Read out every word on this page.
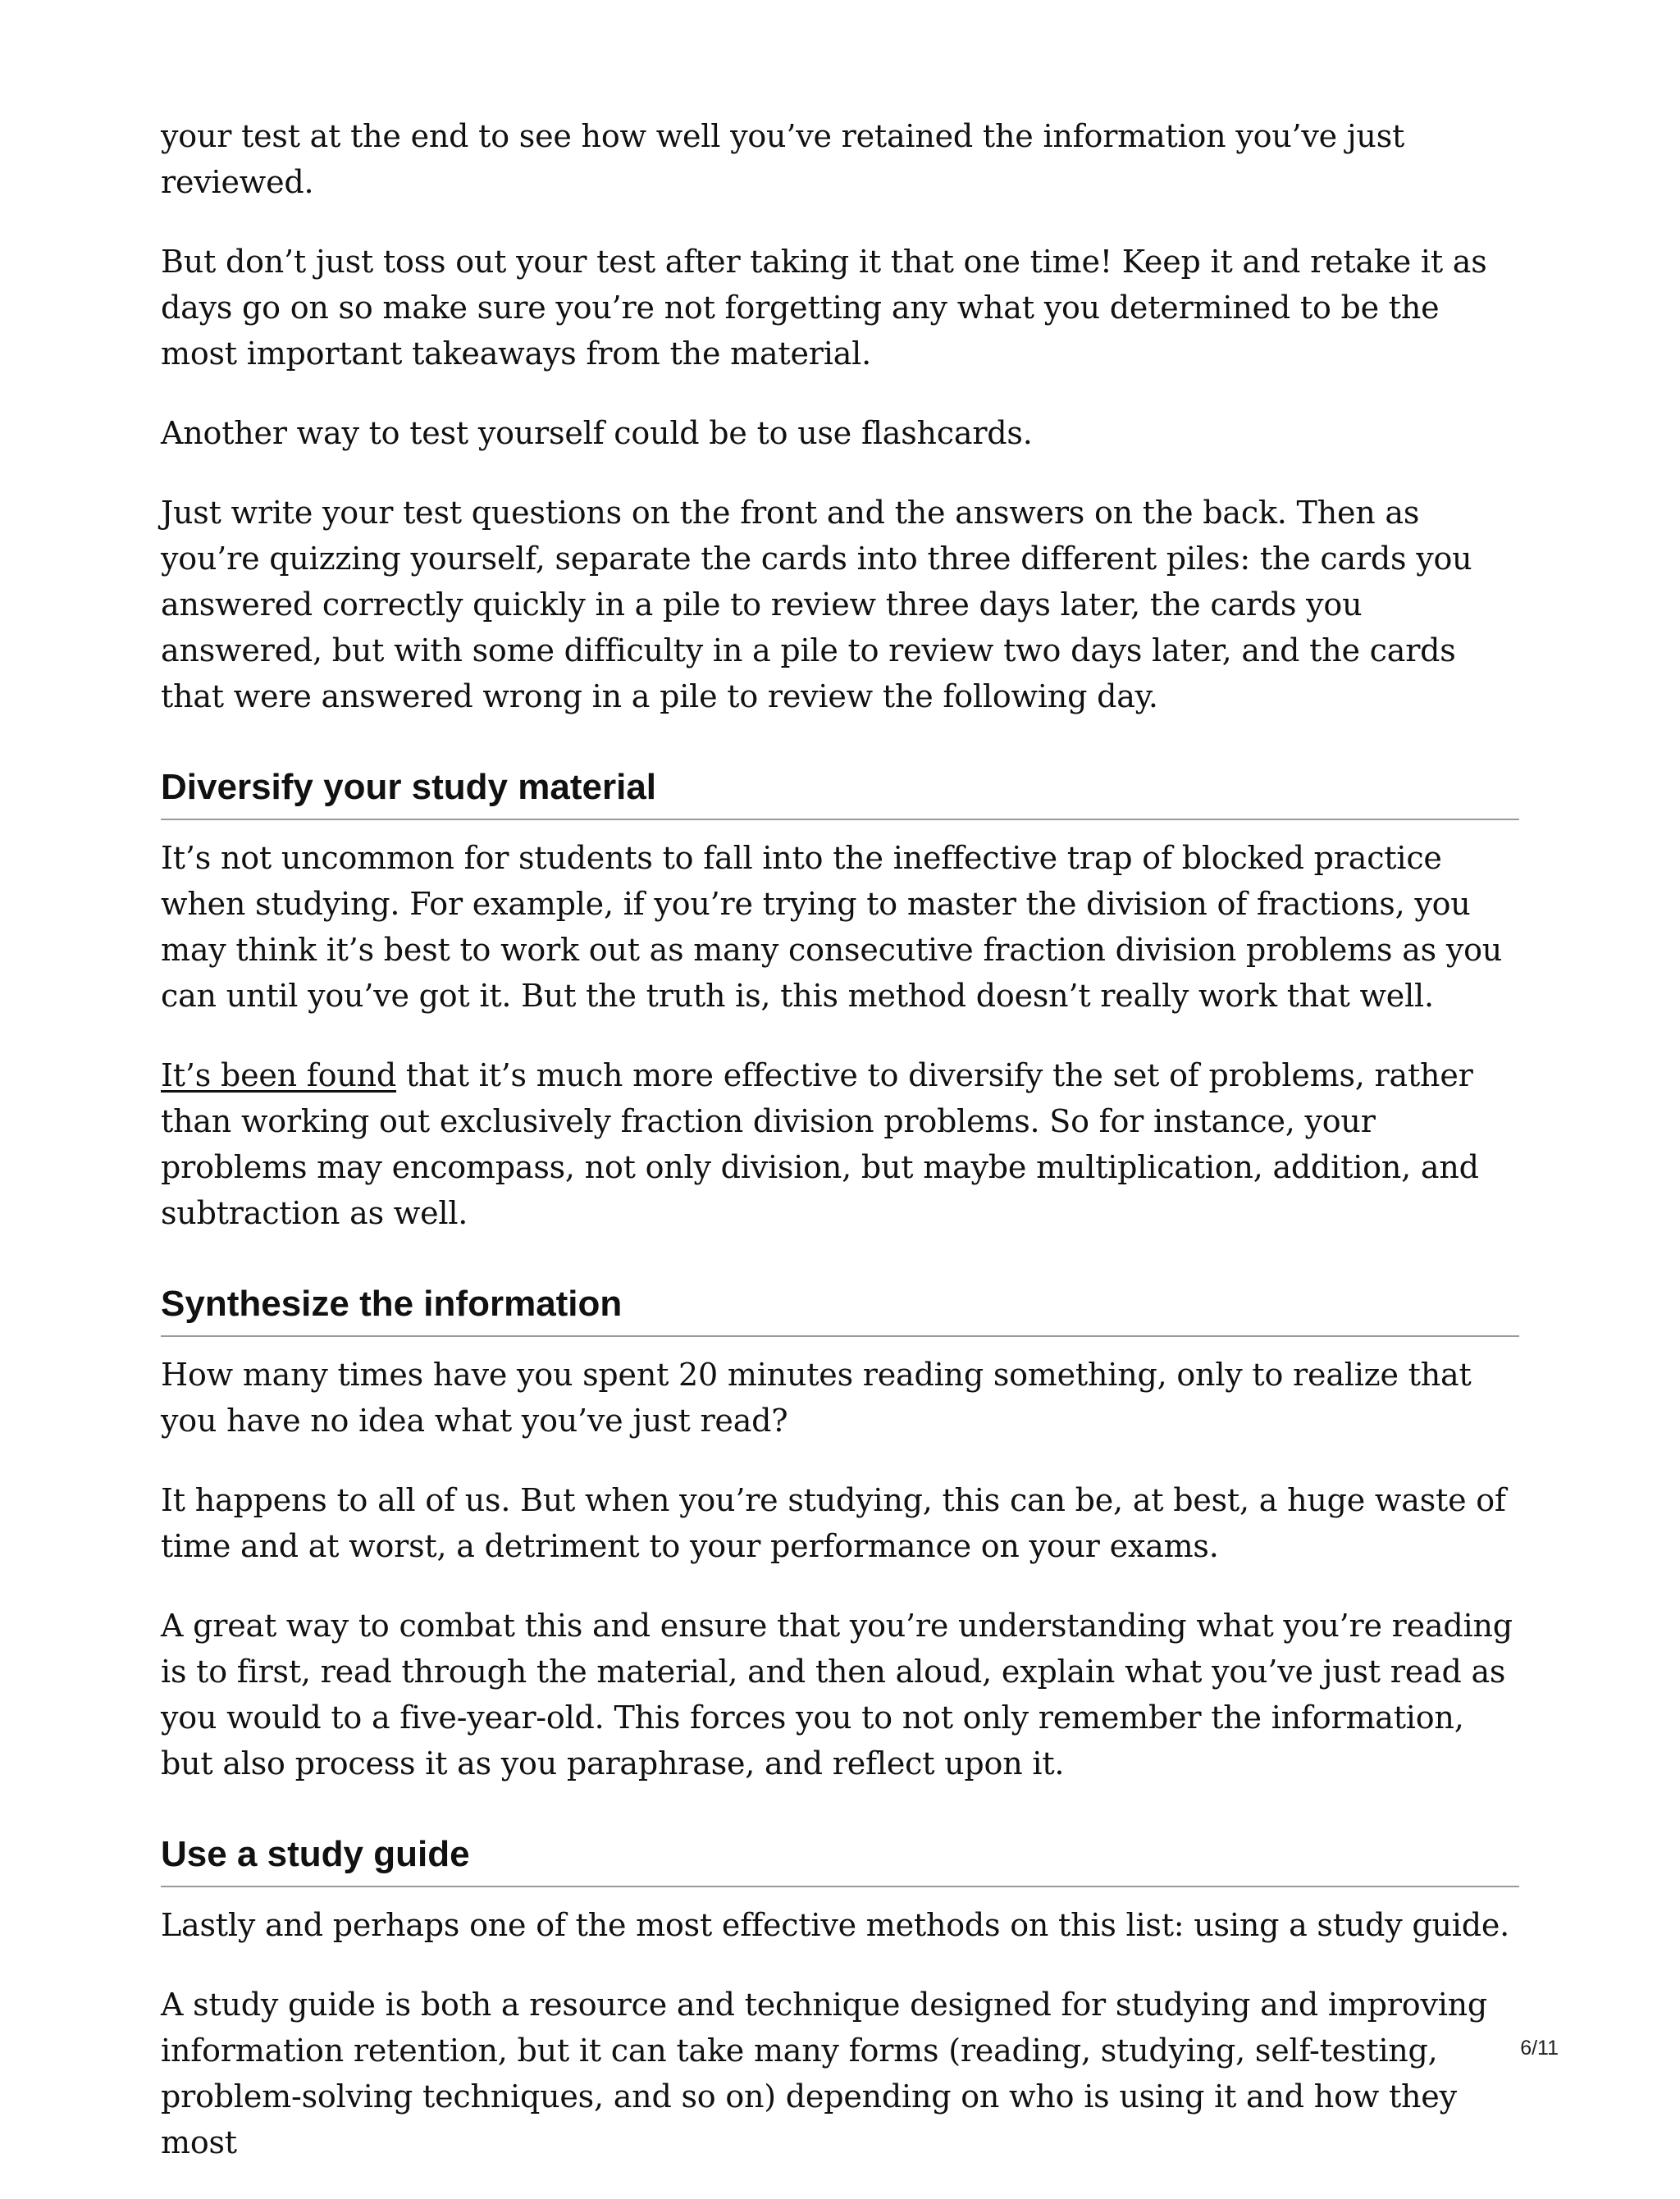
your test at the end to see how well you’ve retained the information you’ve just reviewed.

But don’t just toss out your test after taking it that one time! Keep it and retake it as days go on so make sure you’re not forgetting any what you determined to be the most important takeaways from the material.

Another way to test yourself could be to use flashcards.

Just write your test questions on the front and the answers on the back. Then as you’re quizzing yourself, separate the cards into three different piles: the cards you answered correctly quickly in a pile to review three days later, the cards you answered, but with some difficulty in a pile to review two days later, and the cards that were answered wrong in a pile to review the following day.

Diversify your study material

It’s not uncommon for students to fall into the ineffective trap of blocked practice when studying. For example, if you’re trying to master the division of fractions, you may think it’s best to work out as many consecutive fraction division problems as you can until you’ve got it. But the truth is, this method doesn’t really work that well.

It’s been found that it’s much more effective to diversify the set of problems, rather than working out exclusively fraction division problems. So for instance, your problems may encompass, not only division, but maybe multiplication, addition, and subtraction as well.

Synthesize the information

How many times have you spent 20 minutes reading something, only to realize that you have no idea what you’ve just read?

It happens to all of us. But when you’re studying, this can be, at best, a huge waste of time and at worst, a detriment to your performance on your exams.

A great way to combat this and ensure that you’re understanding what you’re reading is to first, read through the material, and then aloud, explain what you’ve just read as you would to a five-year-old. This forces you to not only remember the information, but also process it as you paraphrase, and reflect upon it.

Use a study guide

Lastly and perhaps one of the most effective methods on this list: using a study guide.

A study guide is both a resource and technique designed for studying and improving information retention, but it can take many forms (reading, studying, self-testing, problem-solving techniques, and so on) depending on who is using it and how they most

6/11
